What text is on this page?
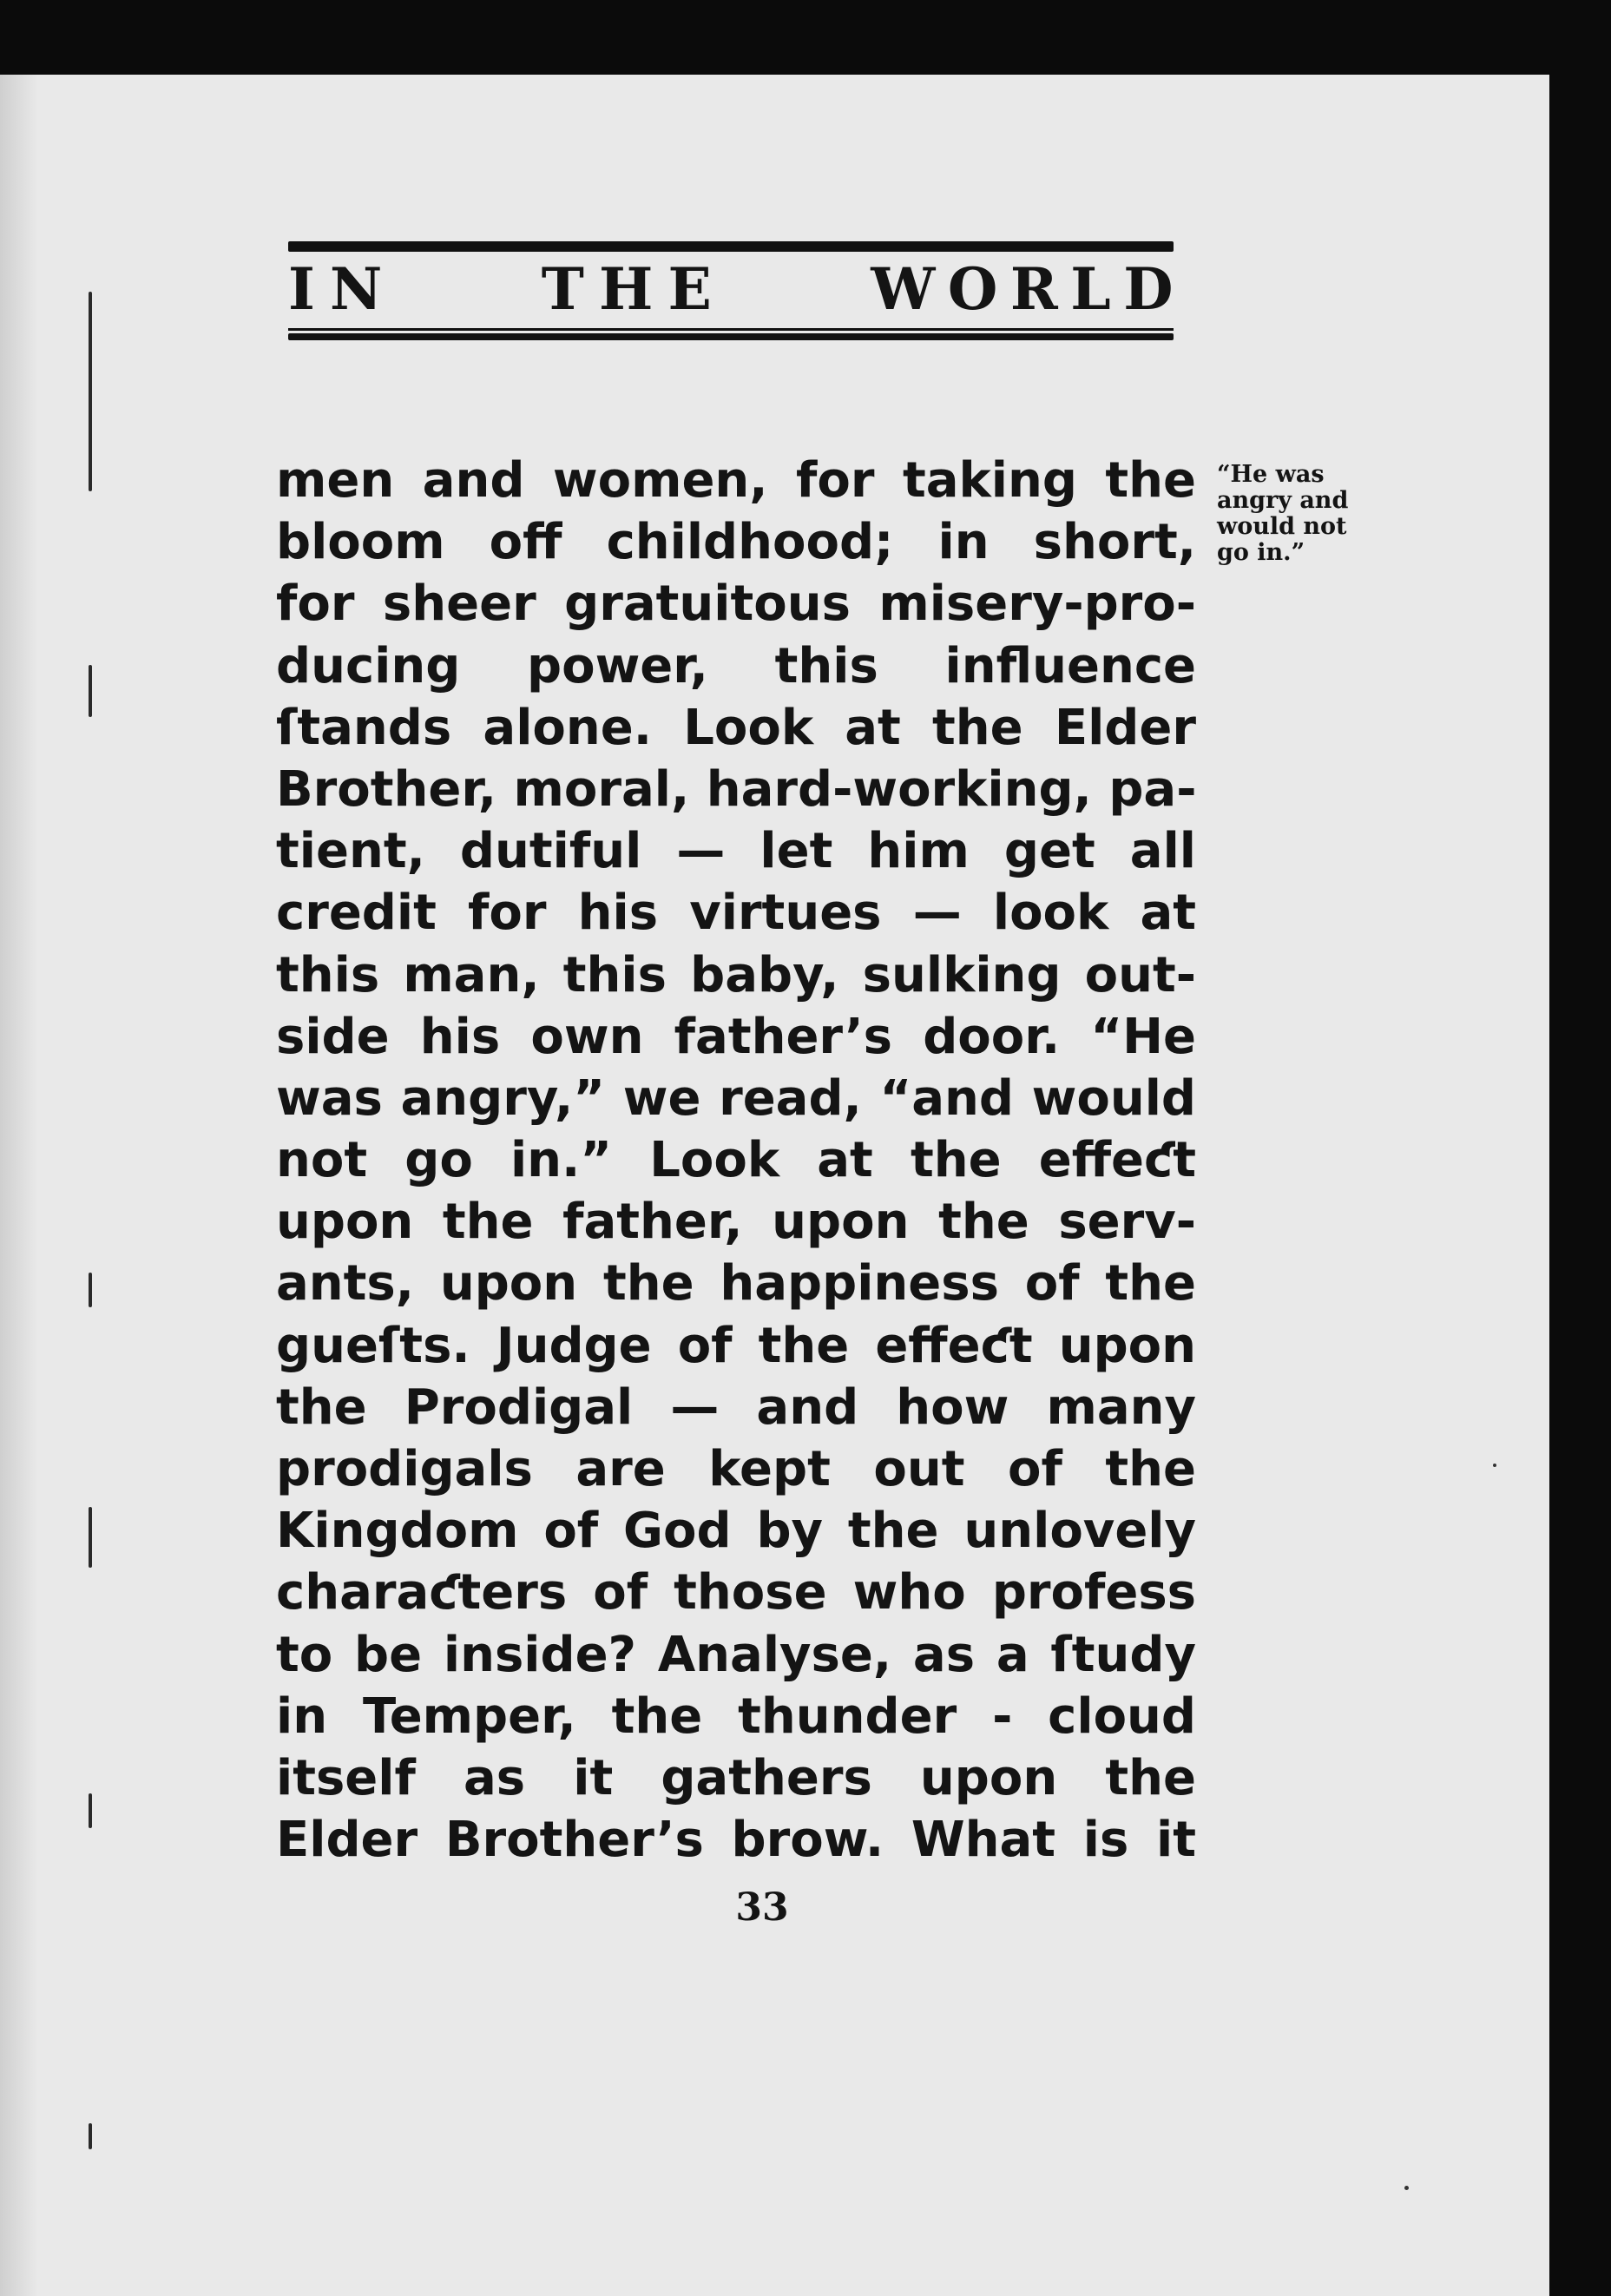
IN	THE	WORLD
men and women, for taking the
bloom off childhood; in short,
for sheer gratuitous misery-pro-
ducing power, this influence
ſtands alone. Look at the Elder
Brother, moral, hard-working, pa-
tient, dutiful — let him get all
credit for his virtues — look at
this man, this baby, sulking out-
side his own father’s door. “He
was angry,” we read, “and would
not go in.” Look at the effeƈt
upon the father, upon the serv-
ants, upon the happiness of the
gueſts. Judge of the effeƈt upon
the Prodigal — and how many
prodigals are kept out of the
Kingdom of God by the unlovely
charaƈters of those who profess
to be inside? Analyse, as a ſtudy
in Temper, the thunder - cloud
itself as it gathers upon the
Elder Brother’s brow. What is it
“He was
angry and
would not
go in.”
33
